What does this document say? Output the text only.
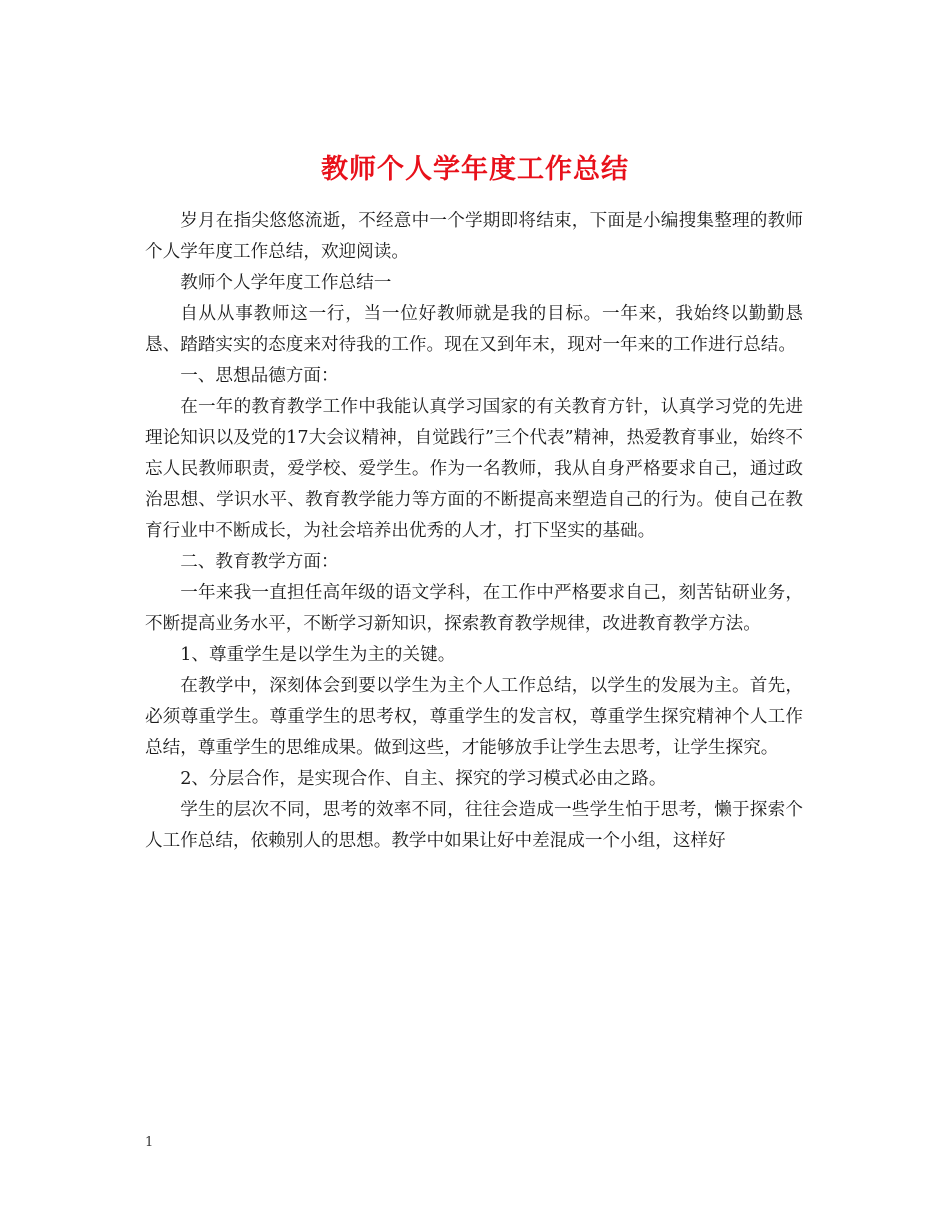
教师个人学年度工作总结

岁月在指尖悠悠流逝，不经意中一个学期即将结束，下面是小编搜集整理的教师个人学年度工作总结，欢迎阅读。

教师个人学年度工作总结一

自从从事教师这一行，当一位好教师就是我的目标。一年来，我始终以勤勤恳恳、踏踏实实的态度来对待我的工作。现在又到年末，现对一年来的工作进行总结。

一、思想品德方面：

在一年的教育教学工作中我能认真学习国家的有关教育方针，认真学习党的先进理论知识以及党的17大会议精神，自觉践行”三个代表”精神，热爱教育事业，始终不忘人民教师职责，爱学校、爱学生。作为一名教师，我从自身严格要求自己，通过政治思想、学识水平、教育教学能力等方面的不断提高来塑造自己的行为。使自己在教育行业中不断成长，为社会培养出优秀的人才，打下坚实的基础。

二、教育教学方面：

一年来我一直担任高年级的语文学科，在工作中严格要求自己，刻苦钻研业务，不断提高业务水平，不断学习新知识，探索教育教学规律，改进教育教学方法。

1、尊重学生是以学生为主的关键。

在教学中，深刻体会到要以学生为主个人工作总结，以学生的发展为主。首先，必须尊重学生。尊重学生的思考权，尊重学生的发言权，尊重学生探究精神个人工作总结，尊重学生的思维成果。做到这些，才能够放手让学生去思考，让学生探究。

2、分层合作，是实现合作、自主、探究的学习模式必由之路。

学生的层次不同，思考的效率不同，往往会造成一些学生怕于思考，懒于探索个人工作总结，依赖别人的思想。教学中如果让好中差混成一个小组，这样好

1
